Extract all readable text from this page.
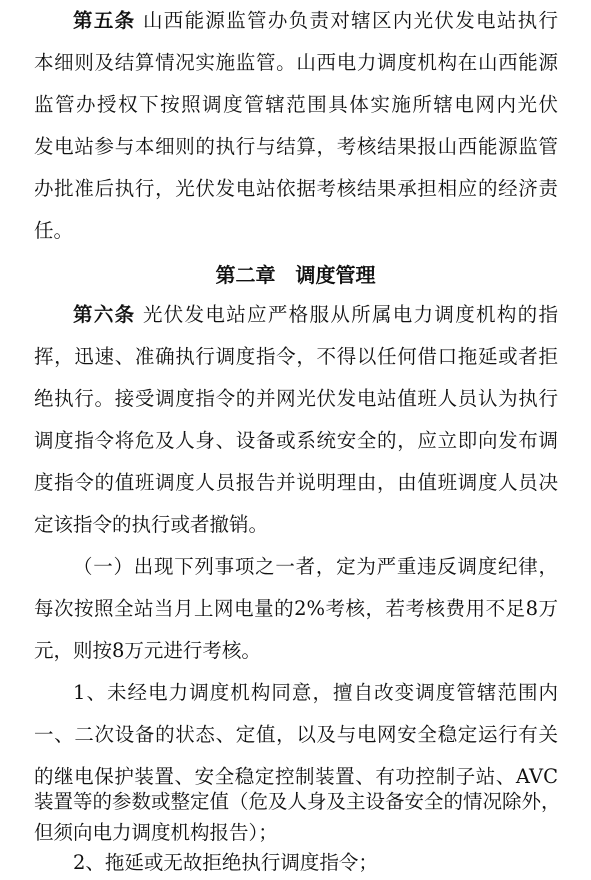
第五条 山西能源监管办负责对辖区内光伏发电站执行
本细则及结算情况实施监管。山西电力调度机构在山西能源
监管办授权下按照调度管辖范围具体实施所辖电网内光伏
发电站参与本细则的执行与结算，考核结果报山西能源监管
办批准后执行，光伏发电站依据考核结果承担相应的经济责
任。
第二章　调度管理
第六条 光伏发电站应严格服从所属电力调度机构的指
挥，迅速、准确执行调度指令，不得以任何借口拖延或者拒
绝执行。接受调度指令的并网光伏发电站值班人员认为执行
调度指令将危及人身、设备或系统安全的，应立即向发布调
度指令的值班调度人员报告并说明理由，由值班调度人员决
定该指令的执行或者撤销。
（一）出现下列事项之一者，定为严重违反调度纪律，
每次按照全站当月上网电量的2%考核，若考核费用不足8万
元，则按8万元进行考核。
1、未经电力调度机构同意，擅自改变调度管辖范围内
一、二次设备的状态、定值，以及与电网安全稳定运行有关
的继电保护装置、安全稳定控制装置、有功控制子站、AVC
装置等的参数或整定值（危及人身及主设备安全的情况除外，
但须向电力调度机构报告）；
2、拖延或无故拒绝执行调度指令；
